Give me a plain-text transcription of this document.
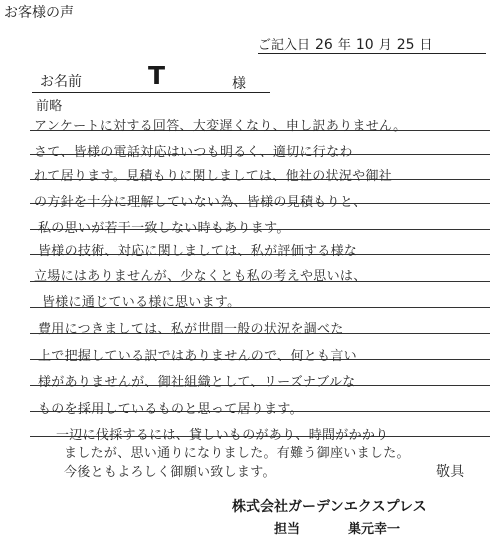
お客様の声
ご記入日 26 年 10 月 25 日
お名前	T	様
前略
アンケートに対する回答、大変遅くなり、申し訳ありません。
さて、皆様の電話対応はいつも明るく、適切に行なわ
れて居ります。見積もりに関しましては、他社の状況や御社
の方針を十分に理解していない為、皆様の見積もりと、
私の思いが若干一致しない時もあります。
皆様の技術、対応に関しましては、私が評価する様な
立場にはありませんが、少なくとも私の考えや思いは、
皆様に通じている様に思います。
費用につきましては、私が世間一般の状況を調べた
上で把握している訳ではありませんので、何とも言い
様がありませんが、御社組織として、リーズナブルな
ものを採用しているものと思って居ります。
一辺に伐採するには、貸しいものがあり、時間がかかり
ましたが、思い通りになりました。有難う御座いました。
今後ともよろしく御願い致します。	敬具
株式会社ガーデンエクスプレス
担当	巣元幸一
